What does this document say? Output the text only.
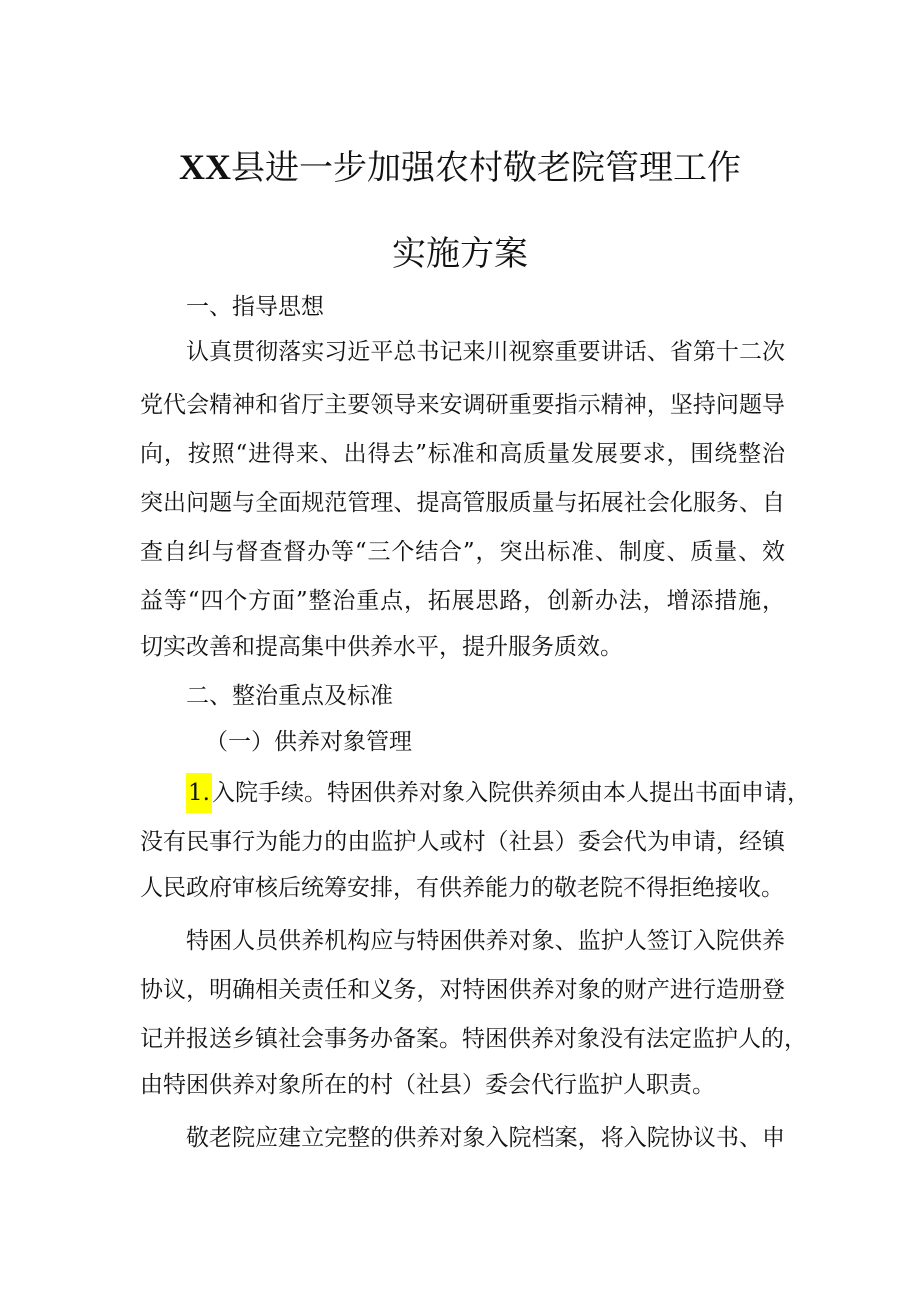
XX县进一步加强农村敬老院管理工作
实施方案
一、指导思想
认真贯彻落实习近平总书记来川视察重要讲话、省第十二次
党代会精神和省厅主要领导来安调研重要指示精神，坚持问题导
向，按照“进得来、出得去”标准和高质量发展要求，围绕整治
突出问题与全面规范管理、提高管服质量与拓展社会化服务、自
查自纠与督查督办等“三个结合”，突出标准、制度、质量、效
益等“四个方面”整治重点，拓展思路，创新办法，增添措施，
切实改善和提高集中供养水平，提升服务质效。
二、整治重点及标准
（一）供养对象管理
1.入院手续。特困供养对象入院供养须由本人提出书面申请，
没有民事行为能力的由监护人或村（社县）委会代为申请，经镇
人民政府审核后统筹安排，有供养能力的敬老院不得拒绝接收。
特困人员供养机构应与特困供养对象、监护人签订入院供养
协议，明确相关责任和义务，对特困供养对象的财产进行造册登
记并报送乡镇社会事务办备案。特困供养对象没有法定监护人的，
由特困供养对象所在的村（社县）委会代行监护人职责。
敬老院应建立完整的供养对象入院档案，将入院协议书、申
